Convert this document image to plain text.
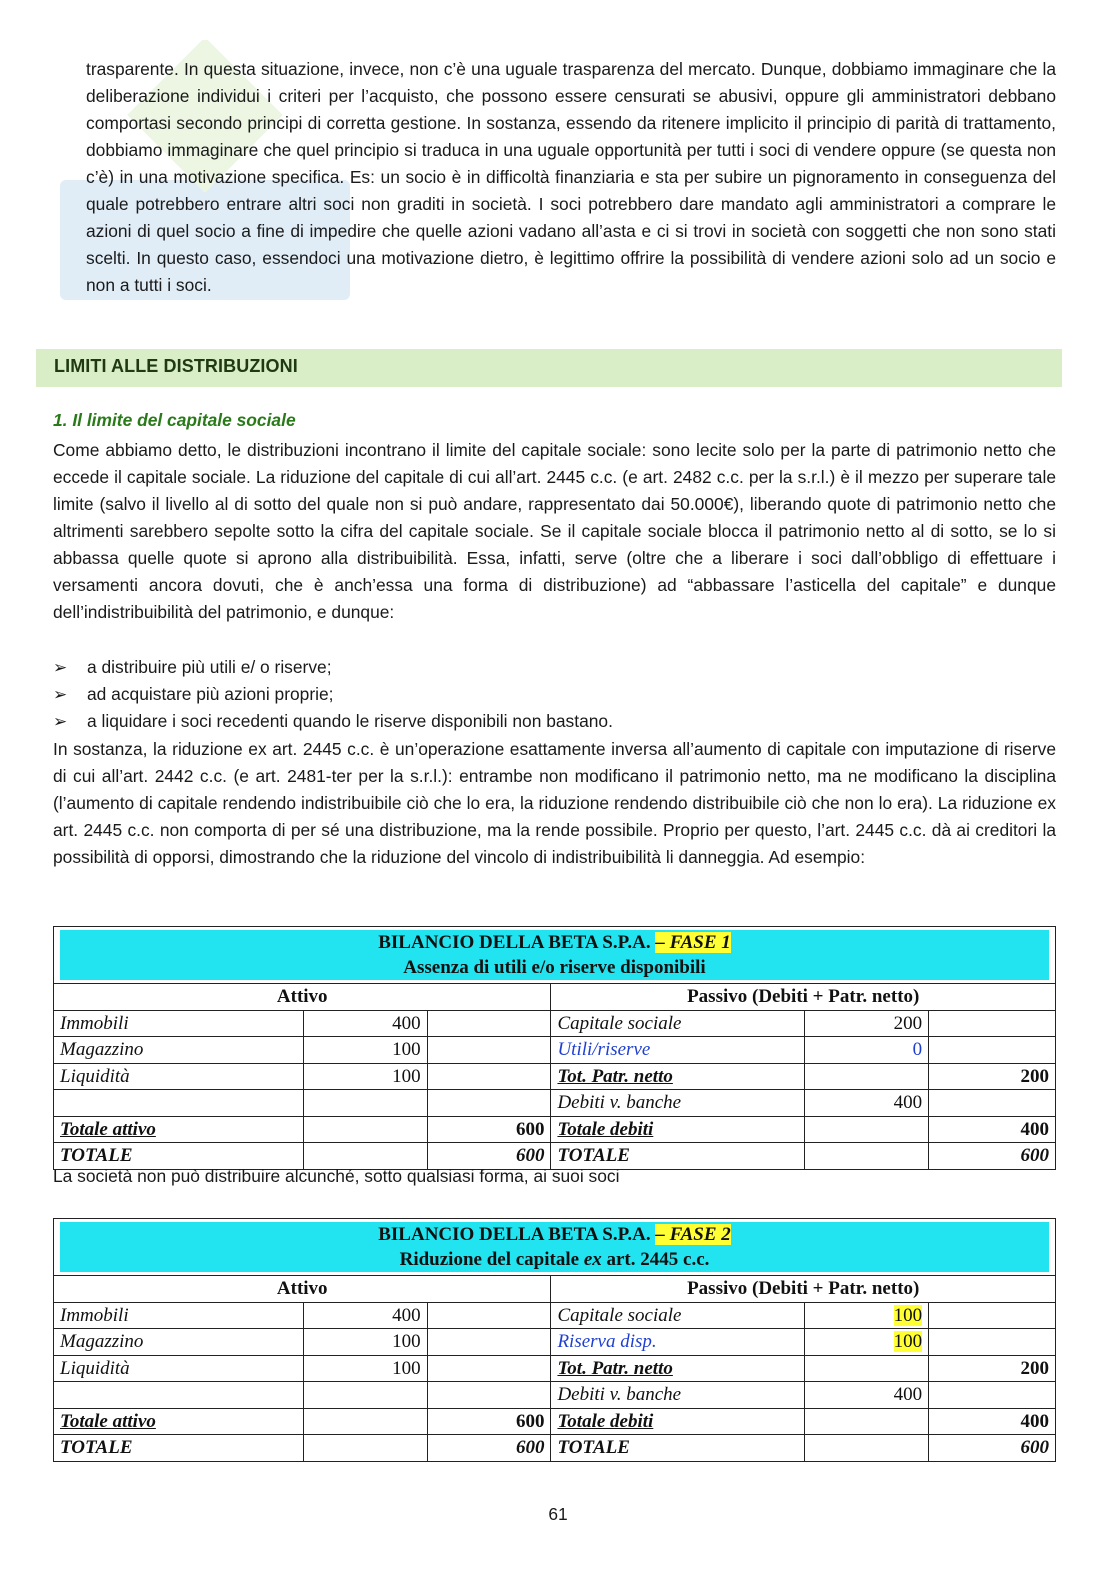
trasparente. In questa situazione, invece, non c’è una uguale trasparenza del mercato. Dunque, dobbiamo immaginare che la deliberazione individui i criteri per l’acquisto, che possono essere censurati se abusivi, oppure gli amministratori debbano comportasi secondo principi di corretta gestione. In sostanza, essendo da ritenere implicito il principio di parità di trattamento, dobbiamo immaginare che quel principio si traduca in una uguale opportunità per tutti i soci di vendere oppure (se questa non c’è) in una motivazione specifica. Es: un socio è in difficoltà finanziaria e sta per subire un pignoramento in conseguenza del quale potrebbero entrare altri soci non graditi in società. I soci potrebbero dare mandato agli amministratori a comprare le azioni di quel socio a fine di impedire che quelle azioni vadano all’asta e ci si trovi in società con soggetti che non sono stati scelti. In questo caso, essendoci una motivazione dietro, è legittimo offrire la possibilità di vendere azioni solo ad un socio e non a tutti i soci.

LIMITI ALLE DISTRIBUZIONI
1. Il limite del capitale sociale

Come abbiamo detto, le distribuzioni incontrano il limite del capitale sociale: sono lecite solo per la parte di patrimonio netto che eccede il capitale sociale. La riduzione del capitale di cui all’art. 2445 c.c. (e art. 2482 c.c. per la s.r.l.) è il mezzo per superare tale limite (salvo il livello al di sotto del quale non si può andare, rappresentato dai 50.000€), liberando quote di patrimonio netto che altrimenti sarebbero sepolte sotto la cifra del capitale sociale. Se il capitale sociale blocca il patrimonio netto al di sotto, se lo si abbassa quelle quote si aprono alla distribuibilità. Essa, infatti, serve (oltre che a liberare i soci dall’obbligo di effettuare i versamenti ancora dovuti, che è anch’essa una forma di distribuzione) ad “abbassare l’asticella del capitale” e dunque dell’indistribuibilità del patrimonio, e dunque:

➢ a distribuire più utili e/ o riserve;
➢ ad acquistare più azioni proprie;
➢ a liquidare i soci recedenti quando le riserve disponibili non bastano.

In sostanza, la riduzione ex art. 2445 c.c. è un’operazione esattamente inversa all’aumento di capitale con imputazione di riserve di cui all’art. 2442 c.c. (e art. 2481-ter per la s.r.l.): entrambe non modificano il patrimonio netto, ma ne modificano la disciplina (l’aumento di capitale rendendo indistribuibile ciò che lo era, la riduzione rendendo distribuibile ciò che non lo era). La riduzione ex art. 2445 c.c. non comporta di per sé una distribuzione, ma la rende possibile. Proprio per questo, l’art. 2445 c.c. dà ai creditori la possibilità di opporsi, dimostrando che la riduzione del vincolo di indistribuibilità li danneggia. Ad esempio:

BILANCIO DELLA BETA S.P.A. – FASE 1
Assenza di utili e/o riserve disponibili					

Attivo			Passivo (Debiti + Patr. netto)		
Immobili	400		Capitale sociale	200	
Magazzino	100		Utili/riserve	0	
Liquidità	100		Tot. Patr. netto		200
			Debiti v. banche	400	
Totale attivo		600	Totale debiti		400
TOTALE		600	TOTALE		600
La società non può distribuire alcunché, sotto qualsiasi forma, ai suoi soci
BILANCIO DELLA BETA S.P.A. – FASE 2
Riduzione del capitale ex art. 2445 c.c.					

Attivo			Passivo (Debiti + Patr. netto)		
Immobili	400		Capitale sociale	100	
Magazzino	100		Riserva disp.	100	
Liquidità	100		Tot. Patr. netto		200
			Debiti v. banche	400	
Totale attivo		600	Totale debiti		400
TOTALE		600	TOTALE		600
61
